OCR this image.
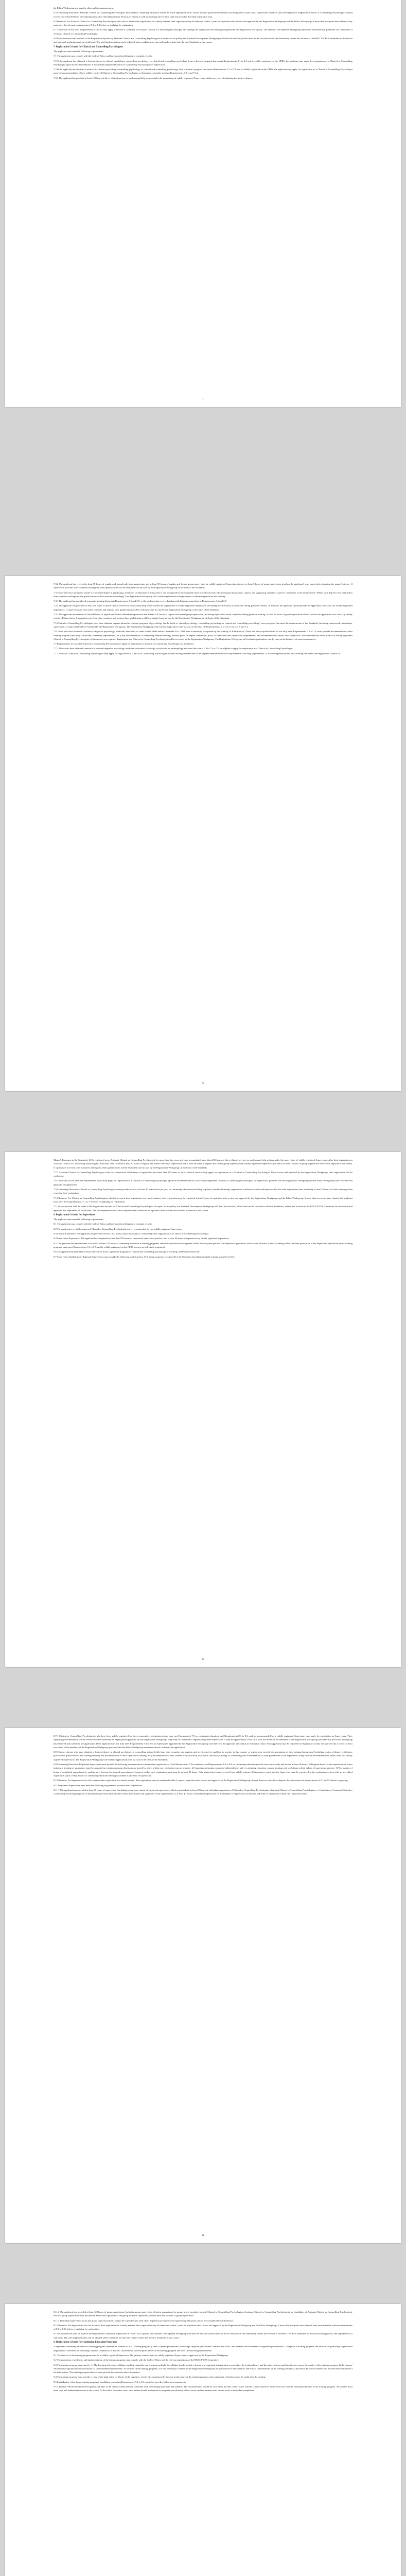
the Ethics Workgroup and pass the ethics public announcement.
6.3 Continuing Education: Assistant Clinical or Counselling Psychologists must receive continuing education within the valid registration term, which includes professional theories (including ethics) and skills, supervision, research, and self-experience. Registered Clinical or Counselling Psychologists should receive more than 60 hours of continuing education (including at least 10 hours of ethics) as well as receiving face-to-face supervision within the valid registration term.
6.4 Renewal: For Assistant Clinical or Counselling Psychologists who wish to renew their registration in a timely manner, their registration may be renewed within 2 years of expiration after review and approval by the Registration Workgroup and the Ethics Workgroup; if more than two years have elapsed, they must meet the relevant requirements of 5.1 to 6.3 before re-applying for registration.
6.7 Those who do not meet Requirements 6.2 to 6.4 may apply to become a Candidate of Assistant Clinical or Counselling Psychologist and undergo the supervision and training designated by the Registration Workgroup. The Standard Development Workgroup separately formulates the guidelines for Candidates of Assistant Clinical or Counselling Psychologist.
6.8 If any revision shall be made to the Registration System by Assistant Clinical and Counselling Psychologists in respect to its quality, the Standard Development Workgroup will draft the revision (which must not be in conflict with the Standards), submit the revision to the RWCCP-CPS Committee for discussion and approval, and implement on a trial basis. The said implementation can be adopted when conditions are ripe and can be written into the new Standards in due course.
7. Registration Criteria for Clinical and Counselling Psychologists
The applicant must meet the following requirements:
7.1 The applicant must comply with the Code of Ethics and have no ethical disputes or criminal records.
7.2 If the applicant has obtained a doctoral degree in clinical psychology, counselling psychology, or clinical and counselling psychology from a doctoral program that meets Requirements 4.1 to 4.5 and is validly registered on the CPRS, the applicant may apply for registration as a Clinical or Counselling Psychologist upon the recommendation of two validly registered Clinical or Counselling Psychologists or Supervisors.
7.3 If the applicant has obtained a master's in clinical psychology, counselling psychology, or clinical and counselling psychology from a master's program that meets Requirements 3.1 to 3.9 and is validly registered on the CPRS, the applicant may apply for registration as a Clinical or Counselling Psychologist upon the recommendation of two validly registered Clinical or Counselling Psychologists or Supervisors and after meeting Requirements 7.3.1 and 7.3.2.
7.3.1 The applicant has provided at least 150 hours of direct clinical services to professional help seekers under the supervision of validly registered Supervisors within two years of obtaining the master's degree.
1
7.3.2 The applicant has received at least 50 hours of regular and formal individual supervision and at least 50 hours of regular and formal group supervision by validly registered Supervisors (where at least 5 hours of group supervision involves the applicant's own cases) after obtaining the master's degree. If supervisors are from other countries and regions, their qualifications will be evaluated case by case by the Registration Workgroup on the basis of the Standards.
7.4 Those who have obtained a master's or doctoral degree in psychology, medicine, or education in China that is not recognized by the Standards must provide necessary documentation (transcripts, reports, and supporting materials) to prove completion of the requirements. Where such degrees were obtained in other countries and regions, the qualifications will be assessed accordingly. The Registration Workgroup will confirm registration through review of relevant supervision and training.
7.4.1 The applicant has completed systematic training that meets Requirements 3.6 and 3.7, or the applicant has received and provided training equivalent to Requirements 3.6 and 3.7.
7.4.2 The applicant has provided at least 150 hours of direct clinical services to professional help seekers under the supervision of validly registered Supervisors (including practice hours accumulated during graduate studies). In addition, the applicant should provide the applicant's own cases) by validly registered Supervisors. If supervisors are from other countries and regions, their qualifications will be evaluated case by case by the Registration Workgroup on the basis of the Standards.
7.4.3 The applicant has received at least 90 hours of regular and formal individual supervision and at least 120 hours of regular and formal group supervision (including supervision hours completed during graduate training, at least 12 hours of group supervision should involve the applicant's own cases) by validly registered Supervisors. If supervisors are from other countries and regions, their qualifications will be evaluated case by case by the Registration Workgroup on the basis of the Standards.
7.5 Clinical or Counselling Psychologists who have obtained degrees abroad in relevant programs of psychology (in the fields of clinical psychology, counselling psychology, or clinical and counselling psychology) from programs that meet the requirements of the Standards (including coursework, internships, supervision, or equivalent) will be evaluated by the Registration Workgroup. The Registration Workgroup will evaluate applications case by case on the basis of Requirements 3.2 to 3.9 or 4.2 to 4.6 and 7.4.
7.6 Those who have obtained a bachelor's degree in psychology, medicine, education, or other related fields before December 31st, 1999 from a university recognized by the Ministry of Education of China, but whose qualifications do not fully meet Requirements 7.2 to 7.4, must provide documentation of their training program (including curriculum, internship requirements, etc.) and documentation of completing relevant training, provide proof of degree completion, proof of supervised and supervision requirements, and recommendation letters from supervisors. Recommendation letters from two validly registered Clinical or Counselling Psychologists or Supervisors are required. Registration as a Clinical or Counselling Psychologist will be reviewed by the Registration Workgroup. The Registration Workgroup will evaluate applications case by case on the basis of relevant circumstances.
7.7 Requirements for Assistant Clinical or Counselling Psychologists to apply for registration as Clinical or Counselling Psychologist are as follows:
7.7.1 Those who have obtained a master's or doctoral degree in psychology, medicine, education, sociology, social work, or anthropology and meet the criteria 7.3 to 7.4 or 7.6 are eligible to apply for registration as a Clinical or Counselling Psychologist.
7.7.2 Assistant Clinical or Counselling Psychologists may apply for registration as Clinical or Counselling Psychologists without having obtained one of the degrees mentioned above if they meet the following requirements: 1) Have completed professional training that meets the Registration Criteria for
9
Master's Programs in the Standards; 2) Be registered as an Assistant Clinical or Counselling Psychologist for more than five years and have accumulated more than 250 hours of direct clinical services to professional help seekers under the supervision of validly registered Supervisors. After their registration as Assistant Clinical or Counselling Psychologists, they must have received at least 80 hours of regular and formal individual supervision and at least 80 hours of regular and formal group supervision by validly registered Supervisors (of which at least 15 hours of group supervision involve the applicant's own cases). If supervisors are from other countries and regions, their qualifications will be evaluated case by case by the Registration Workgroup on the basis of the Standards.
7.7.3 Assistant Clinical or Counselling Psychologists with two consecutive valid terms of registration and more than 250 hours of direct clinical services may apply for registration as a Clinical or Counselling Psychologist. Upon review and approval by the Registration Workgroup, their registration will be confirmed.
7.8 Those who do not meet the requirements above may apply for registration as a Clinical or Counselling Psychologist upon the recommendation of two validly registered Clinical or Counselling Psychologists or Supervisors, provided that the Registration Workgroup and the Ethics Workgroup have reviewed and approved the application.
7.9 Continuing Education: Clinical or Counselling Psychologists must provide proof of at least 40 exam hours per year of continuing education (including regularly scheduled training, supervision, conferences and workshops) within the valid registration term, including at least 10 hours of ethics training when renewing their registration.
7.10 Renewal: For Clinical or Counselling Psychologists who fail to renew their registration in a timely manner, their registration may be reinstated within 2 years of expiration after review and approval by the Registration Workgroup and the Ethics Workgroup; if more than two years have elapsed, the applicant must meet the requirements of 7.1 to 7.9 before re-applying for registration.
7.11 If any revision shall be made to the Registration System for Clinical and Counselling Psychologists in respect to its quality, the Standard Development Workgroup will draft the revision (which must not be in conflict with the Standards), submit the revision to the RWCCP-CPS Committee for discussion and approval, and implement on a trial basis. The said implementation can be adopted when conditions are ripe and can be written into the new Standards in due course.
8. Registration Criteria for Supervisors
The applicant must meet the following requirements:
8.1 The applicant must comply with the Code of Ethics and have no ethical disputes or criminal records.
8.2 The applicant is a validly registered Clinical or Counselling Psychologist and is recommended by two validly registered Supervisors.
8.3 Clinical Experience: The applicant has provided at least 1500 hours of psychotherapy or counselling since registration as a Clinical or Counselling Psychologist.
8.4 Supervision Experience: The applicant has completed no less than 150 hours of supervised supervision practice, and at least 50 hours of supervision by validly registered Supervisors.
8.5 The applicant has demonstrated a record of at least 150 hours of continuing education in training programs aimed at supervision development within the five years prior to the Supervisor application, and at least 20 hours of ethics training within the three years prior to the Supervisor application (these training programs must meet Requirements 9.1 to 9.5, and be validly registered on the CPRS and are not self-study programs).
8.6 The applicant has published at least 200 contact hours in graduate programs of clinical and counselling psychology or teaching of relevant coursework.
8.7 Supervision Qualification: Regional Supervisors must provide the following qualifications: 1) Training programs recognized by the Standards (not duplicating the training specified in 8.5).
10
8.7.1 Clinical or Counselling Psychologists who have been validly registered for three consecutive registration terms, have met Requirement 7.9 on continuing education, and Requirements 8.3 to 8.6, and are recommended by a validly registered Supervisor, may apply for registration as Supervisors. Their supporting documentation will be reviewed and evaluated by an expert panel appointed by the Registration Workgroup. They may be converted to regularly registered Supervisors if they are approved by a vote of at least two-thirds of the members of the Registration Workgroup, provided that the Ethics Workgroup has reviewed and confirmed the application. If the applicant does not fully meet Requirements 8.5 to 8.6, an expert panel appointed by the Registration Workgroup will interview the applicant and submit an evaluation report. Such applicants may be registered as Supervisors if they are approved by a vote of at least two-thirds of the members of the Registration Workgroup, provided that the Ethics Workgroup has reviewed and confirmed the application.
8.8 Chinese citizens who have obtained a doctoral degree in clinical psychology or counselling-related fields from other countries and regions, and are licensed or qualified to practice in that country or region, may provide documentation of their training background (including copies of degree certificates, professional qualifications, and training records) and documentation of their supervision training, etc.) documentation of their license or qualification to practice clinical psychology or counselling and documentation of their professional work experience, along with the recommendation letters from two validly registered Supervisors. The Registration Workgroup will evaluate applications case by case on the basis of the Standards.
8.9 Continuing Education: Registered Supervisors must provide the following documentation to renew their registration: a) Each Requirement 7.9 is mandatory and Requirements 8.3 to 8.6 on continuing education must be met concurrently and totaled at least 40 hours; 2) Program hours for the supervision of senior trainees or training of supervisors must be recorded in a training program that is run or hosted by others within one registration term as a trainer; b) Supervision training completed independently; and c) continuing education courses, training, and workshops in their sphere of supervision practice. 3) The number of hours of completed supervision by another party (except for internal supervision of trainees) within each registration term must be at least 20 hours. Only supervision hours received from validly registered Supervisors count; and the Supervisor must be registered in the registration system with an accredited registration status. Every 3 hours of continuing education training is counted as one hour of supervision.
8.10 Renewal: For Supervisors who fail to renew their registration in a timely manner, their registration may be reinstated within 2 years of expiration after review and approval by the Registration Workgroup; if more than two years have elapsed, they must meet the requirements of 8.1 to 8.9 before re-applying.
8.11 Registered Supervisors must meet the following requirements to renew their registration:
8.11.1 The applicant has provided at least 60 hours of supervision (including group supervision) of registered supervisees, which must include at least 20 hours of individual supervision of Clinical or Counselling Psychologists, Assistant Clinical or Counselling Psychologists, or Candidates of Assistant Clinical or Counselling Psychologist (proof of individual supervision must include contact information and signatures of the supervisees); or at least 40 hours of individual supervision for Candidates of Supervisors on theories and skills of supervision within one registration term.
11
8.11.2 The applicant has provided at least 120 hours of group supervision (including group supervision of intern supervision) to groups where members include Clinical or Counselling Psychologists, Assistant Clinical or Counselling Psychologists, or Candidates of Assistant Clinical or Counselling Psychologist. Proof of group supervision must include the names and signatures of the group members supervised, and the time and location of group supervision.
8.11.3 Individual supervision hours and group supervision hours cannot be converted into each other. Supervision hours beyond supervising education courses are considered toward renewal.
8.12 Renewal: For Supervisors who fail to renew their registration in a timely manner, their registration may be reinstated within 2 years of expiration after review and approval by the Registration Workgroup and the Ethics Workgroup; if more than two years have elapsed, they must meet the relevant requirements of 8.1 to 8.10 before re-applying for registration.
8.13 If any revision shall be made to the Registration Criteria for Supervisors in respect to its quality, the Standard Development Workgroup will draft the revision (which must not be in conflict with the Standards), submit the revision to the RWCCP-CPS Committee for discussion and approval, and implement on a trial basis. The said implementation can be adopted when conditions are ripe and can be written into the new Standards in due course.
9. Registration Criteria for Continuing Education Programs
A registered continuing education or training program (hereinafter referred to as a "training program") aims to update professional knowledge, improve practitioners' theories and skills, and enhance self-awareness of registered professionals. To register a training program, the director or sponsoring organization (regardless of the nature of ownership, whether commercial or not, etc.) must ensure the non-profit nature of the training program and meet the following requirements:
9.1 The director of the training program must be a validly registered Supervisor. The primary trainers must be validly registered Supervisors or approved by the Registration Workgroup.
9.2 The promotion, enrollment, and implementation of the training program must comply with the Code of Ethics and the relevant regulations of the RWCCP-CPS Committee.
9.3 The training program must specify: 1) The learning objectives, syllabus, teaching materials, and teaching methods; the syllabus should include a formal and organized training plan or procedure, the training hours, and the main contents and objectives to ensure the quality of the training program; 2) the trainers' education background and qualifications; 3) the enrollment requirements. At the time of the training program, it is also necessary to submit to the Registration Workgroup an application for the scientific and ethical considerations of the training content; 4) the means by which trainees will be effectively informed of the information. The training program director must provide the materials above for review.
9.4 The training program must provide a copy of the legal entity certificate of the organizer, a letter of commitment by the non-profit nature of the training program, and a statement of fund accounts for audit after the training.
9.5 Individual or video-based training programs, in addition to meeting Requirements 9.1 to 9.4, must also meet the following requirements:
9.5.1 Provide relevant technical descriptions and links to the online content that are consistent with the training objectives and syllabus. The documentation should be clear about the aim of the course, and the course should be either be no less than the maximum duration of the training program. All trainees must have clear and fundamental access to the course. At the end of the online class, each trainee should be required to complete an evaluation of the course, and the trainees must submit proof of individual completion.
